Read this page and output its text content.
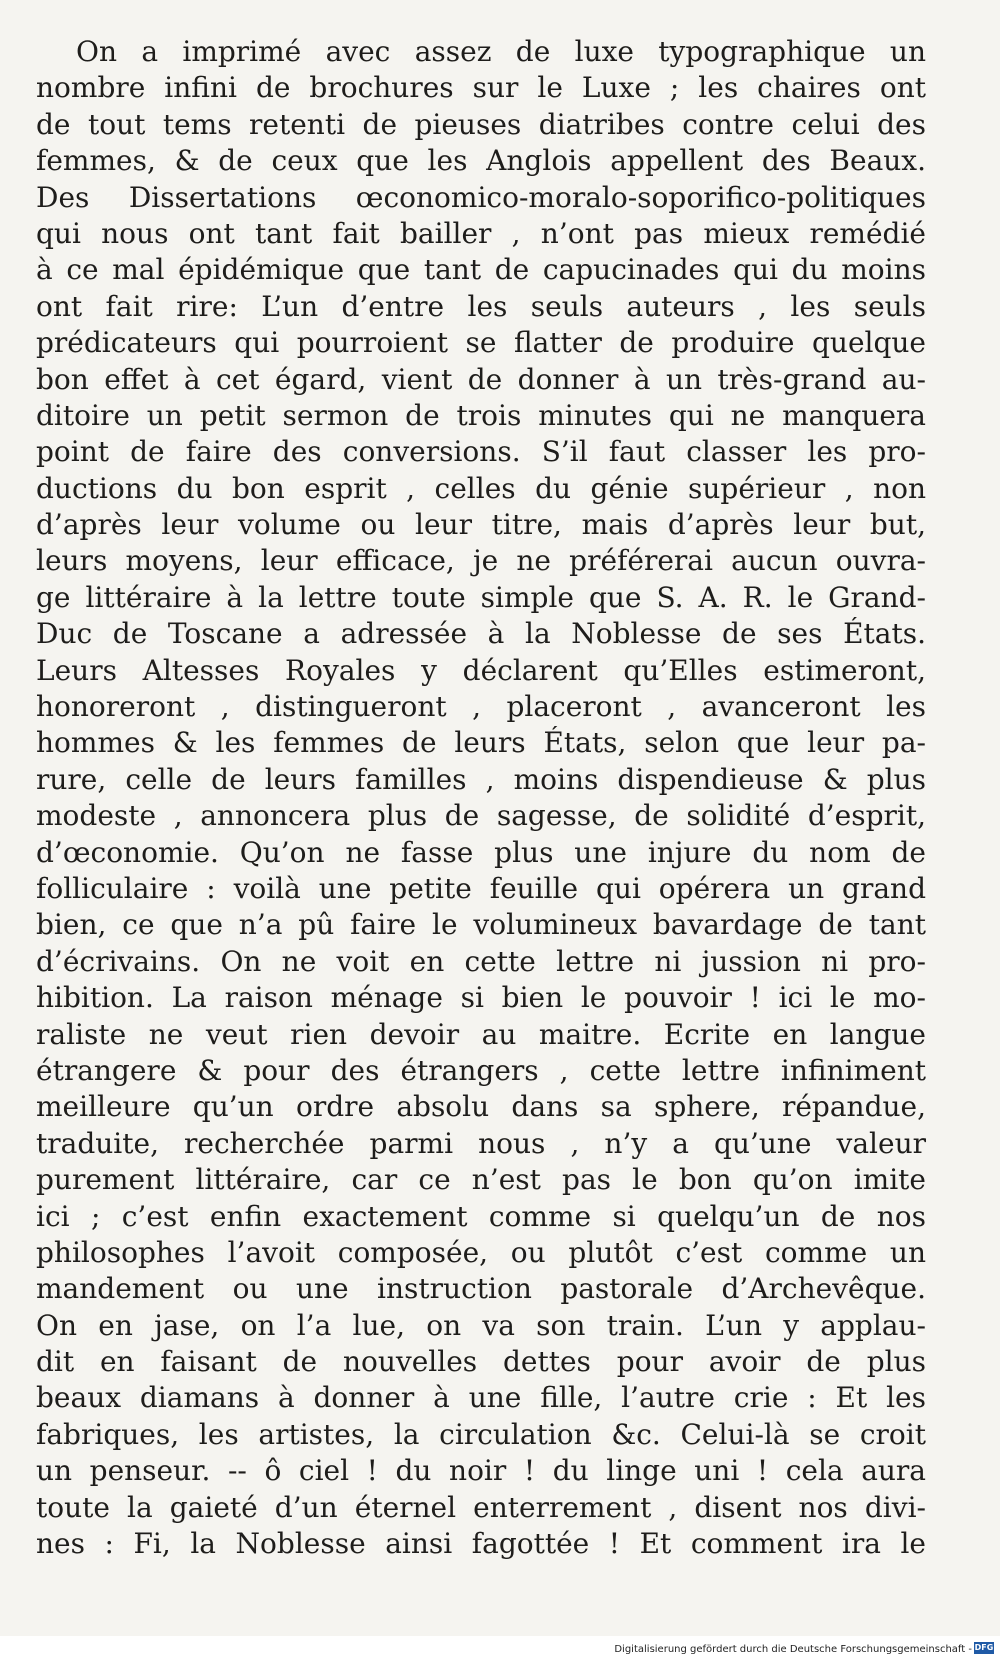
On a imprimé avec assez de luxe typographique un
nombre infini de brochures sur le Luxe ; les chaires ont
de tout tems retenti de pieuses diatribes contre celui des
femmes, & de ceux que les Anglois appellent des Beaux.
Des Dissertations œconomico-moralo-soporifico-politiques
qui nous ont tant fait bailler , n’ont pas mieux remédié
à ce mal épidémique que tant de capucinades qui du moins
ont fait rire: L’un d’entre les seuls auteurs , les seuls
prédicateurs qui pourroient se flatter de produire quelque
bon effet à cet égard, vient de donner à un très-grand au-
ditoire un petit sermon de trois minutes qui ne manquera
point de faire des conversions. S’il faut classer les pro-
ductions du bon esprit , celles du génie supérieur , non
d’après leur volume ou leur titre, mais d’après leur but,
leurs moyens, leur efficace, je ne préférerai aucun ouvra-
ge littéraire à la lettre toute simple que S. A. R. le Grand-
Duc de Toscane a adressée à la Noblesse de ses États.
Leurs Altesses Royales y déclarent qu’Elles estimeront,
honoreront , distingueront , placeront , avanceront les
hommes & les femmes de leurs États, selon que leur pa-
rure, celle de leurs familles , moins dispendieuse & plus
modeste , annoncera plus de sagesse, de solidité d’esprit,
d’œconomie. Qu’on ne fasse plus une injure du nom de
folliculaire : voilà une petite feuille qui opérera un grand
bien, ce que n’a pû faire le volumineux bavardage de tant
d’écrivains. On ne voit en cette lettre ni jussion ni pro-
hibition. La raison ménage si bien le pouvoir ! ici le mo-
raliste ne veut rien devoir au maitre. Ecrite en langue
étrangere & pour des étrangers , cette lettre infiniment
meilleure qu’un ordre absolu dans sa sphere, répandue,
traduite, recherchée parmi nous , n’y a qu’une valeur
purement littéraire, car ce n’est pas le bon qu’on imite
ici ; c’est enfin exactement comme si quelqu’un de nos
philosophes l’avoit composée, ou plutôt c’est comme un
mandement ou une instruction pastorale d’Archevêque.
On en jase, on l’a lue, on va son train. L’un y applau-
dit en faisant de nouvelles dettes pour avoir de plus
beaux diamans à donner à une fille, l’autre crie : Et les
fabriques, les artistes, la circulation &c. Celui-là se croit
un penseur. -- ô ciel ! du noir ! du linge uni ! cela aura
toute la gaieté d’un éternel enterrement , disent nos divi-
nes : Fi, la Noblesse ainsi fagottée ! Et comment ira le
Digitalisierung gefördert durch die Deutsche Forschungsgemeinschaft - DFG
